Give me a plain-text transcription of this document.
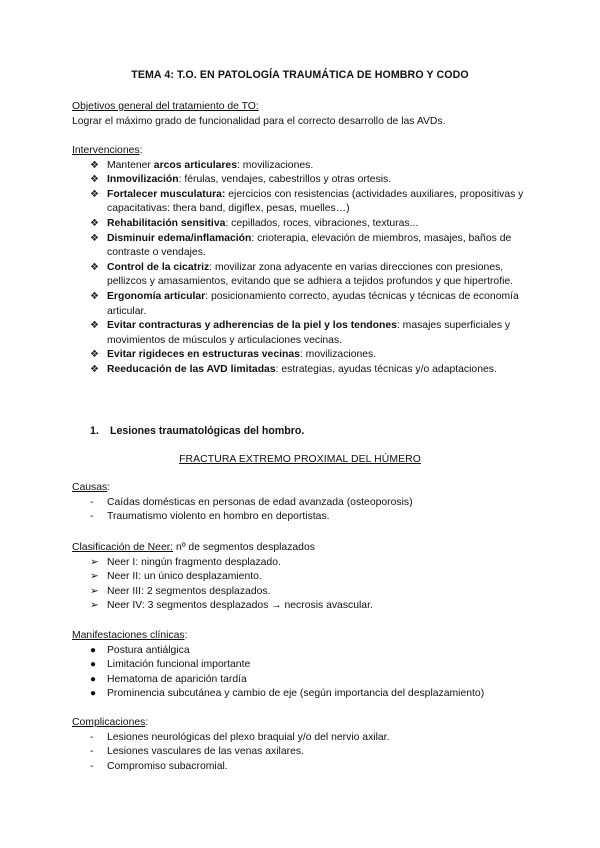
TEMA 4: T.O. EN PATOLOGÍA TRAUMÁTICA DE HOMBRO Y CODO
Objetivos general del tratamiento de TO:
Lograr el máximo grado de funcionalidad para el correcto desarrollo de las AVDs.
Intervenciones:
❖ Mantener arcos articulares: movilizaciones.
❖ Inmovilización: férulas, vendajes, cabestrillos y otras ortesis.
❖ Fortalecer musculatura: ejercicios con resistencias (actividades auxiliares, propositivas y capacitativas: thera band, digiflex, pesas, muelles…)
❖ Rehabilitación sensitiva: cepillados, roces, vibraciones, texturas...
❖ Disminuir edema/inflamación: crioterapia, elevación de miembros, masajes, baños de contraste o vendajes.
❖ Control de la cicatriz: movilizar zona adyacente en varias direcciones con presiones, pellizcos y amasamientos, evitando que se adhiera a tejidos profundos y que hipertrofie.
❖ Ergonomía articular: posicionamiento correcto, ayudas técnicas y técnicas de economía articular.
❖ Evitar contracturas y adherencias de la piel y los tendones: masajes superficiales y movimientos de músculos y articulaciones vecinas.
❖ Evitar rigideces en estructuras vecinas: movilizaciones.
❖ Reeducación de las AVD limitadas: estrategias, ayudas técnicas y/o adaptaciones.
1. Lesiones traumatológicas del hombro.
FRACTURA EXTREMO PROXIMAL DEL HÚMERO
Causas:
-	Caídas domésticas en personas de edad avanzada (osteoporosis)
-	Traumatismo violento en hombro en deportistas.
Clasificación de Neer: nº de segmentos desplazados
➢ Neer I: ningún fragmento desplazado.
➢ Neer II: un único desplazamiento.
➢ Neer III: 2 segmentos desplazados.
➢ Neer IV: 3 segmentos desplazados → necrosis avascular.
Manifestaciones clínicas:
●	Postura antiálgica
●	Limitación funcional importante
●	Hematoma de aparición tardía
●	Prominencia subcutánea y cambio de eje (según importancia del desplazamiento)
Complicaciones:
-	Lesiones neurológicas del plexo braquial y/o del nervio axilar.
-	Lesiones vasculares de las venas axilares.
-	Compromiso subacromial.
